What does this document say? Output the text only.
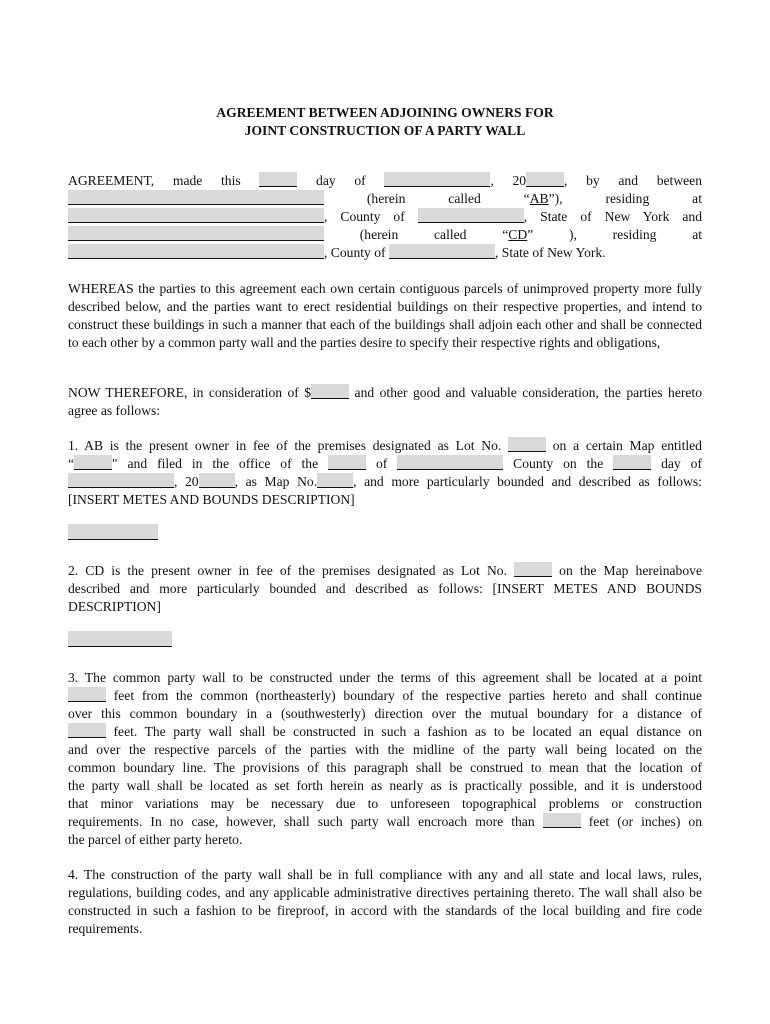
AGREEMENT BETWEEN ADJOINING OWNERS FOR
JOINT CONSTRUCTION OF A PARTY WALL
AGREEMENT, made this	day of	, 20	, by and between
(herein called	“AB”),	residing at
, County of	, State of New York and
(herein called	“CD” ),	residing at
, County of	, State of New York.
WHEREAS the parties to this agreement each own certain contiguous parcels of unimproved property more fully described below, and the parties want to erect residential buildings on their respective properties, and intend to construct these buildings in such a manner that each of the buildings shall adjoin each other and shall be connected to each other by a common party wall and the parties desire to specify their respective rights and obligations,
NOW THEREFORE, in consideration of $	and other good and valuable consideration, the parties hereto agree as follows:
1. AB is the present owner in fee of the premises designated as Lot No.	on a certain Map entitled
“	" and filed in the office of the	of	County on the	day of
, 20	, as Map No.	, and more particularly bounded and described as follows:
[INSERT METES AND BOUNDS DESCRIPTION]
2. CD is the present owner in fee of the premises designated as Lot No.	on the Map hereinabove
described and more particularly bounded and described as follows: [INSERT METES AND BOUNDS
DESCRIPTION]
3. The common party wall to be constructed under the terms of this agreement shall be located at a point
feet from the common (northeasterly) boundary of the respective parties hereto and shall continue
over this common boundary in a (southwesterly) direction over the mutual boundary for a distance of
feet. The party wall shall be constructed in such a fashion as to be located an equal distance on
and over the respective parcels of the parties with the midline of the party wall being located on the
common boundary line. The provisions of this paragraph shall be construed to mean that the location of
the party wall shall be located as set forth herein as nearly as is practically possible, and it is understood
that minor variations may be necessary due to unforeseen topographical problems or construction
requirements. In no case, however, shall such party wall encroach more than	feet (or inches) on
the parcel of either party hereto.
4. The construction of the party wall shall be in full compliance with any and all state and local laws, rules, regulations, building codes, and any applicable administrative directives pertaining thereto. The wall shall also be constructed in such a fashion to be fireproof, in accord with the standards of the local building and fire code requirements.
